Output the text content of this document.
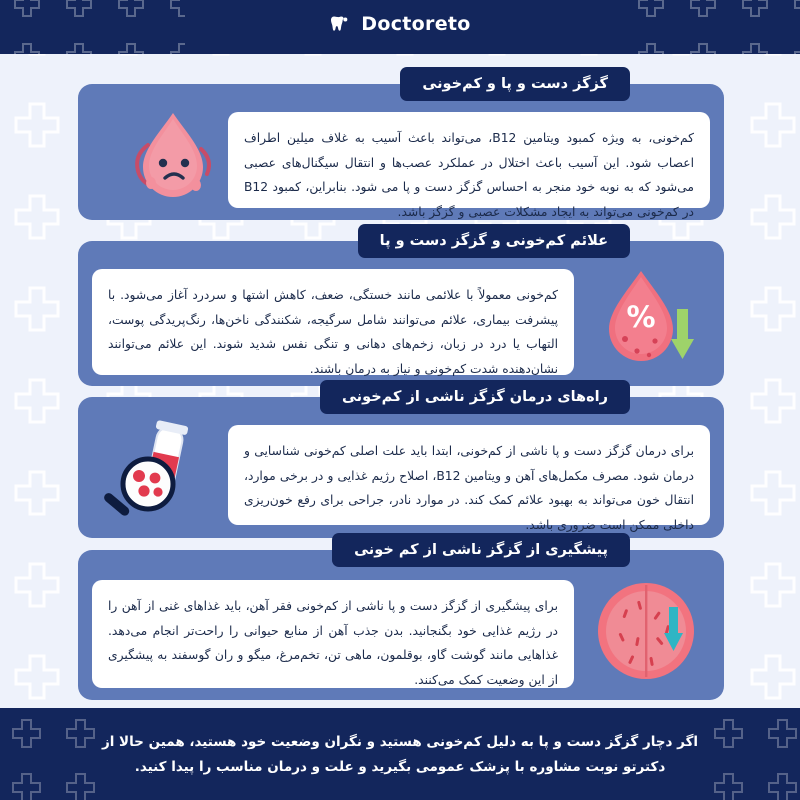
Doctoreto
گزگز دست و پا و کم‌خونی
کم‌خونی، به ویژه کمبود ویتامین B12، می‌تواند باعث آسیب به غلاف میلین اطراف اعصاب شود. این آسیب باعث اختلال در عملکرد عصب‌ها و انتقال سیگنال‌های عصبی می‌شود که به نوبه خود منجر به احساس گزگز دست و پا می شود. بنابراین، کمبود B12 در کم‌خونی می‌تواند به ایجاد مشکلات عصبی و گزگز باشد.
علائم کم‌خونی و گزگز دست و پا
%
کم‌خونی معمولاً با علائمی مانند خستگی، ضعف، کاهش اشتها و سردرد آغاز می‌شود. با پیشرفت بیماری، علائم می‌توانند شامل سرگیجه، شکنندگی ناخن‌ها، رنگ‌پریدگی پوست، التهاب یا درد در زبان، زخم‌های دهانی و تنگی نفس شدید شوند. این علائم می‌توانند نشان‌دهنده شدت کم‌خونی و نیاز به درمان باشند.
راه‌های درمان گزگز ناشی از کم‌خونی
برای درمان گزگز دست و پا ناشی از کم‌خونی، ابتدا باید علت اصلی کم‌خونی شناسایی و درمان شود. مصرف مکمل‌های آهن و ویتامین B12، اصلاح رژیم غذایی و در برخی موارد، انتقال خون می‌تواند به بهبود علائم کمک کند. در موارد نادر، جراحی برای رفع خون‌ریزی داخلی ممکن است ضروری باشد.
پیشگیری از گزگز ناشی از کم خونی
برای پیشگیری از گزگز دست و پا ناشی از کم‌خونی فقر آهن، باید غذاهای غنی از آهن را در رژیم غذایی خود بگنجانید. بدن جذب آهن از منابع حیوانی را راحت‌تر انجام می‌دهد. غذاهایی مانند گوشت گاو، بوقلمون، ماهی تن، تخم‌مرغ، میگو و ران گوسفند به پیشگیری از این وضعیت کمک می‌کنند.
اگر دچار گزگز دست و پا به دلیل کم‌خونی هستید و نگران وضعیت خود هستید، همین حالا از دکترتو نوبت مشاوره با پزشک عمومی بگیرید و علت و درمان مناسب را پیدا کنید.
